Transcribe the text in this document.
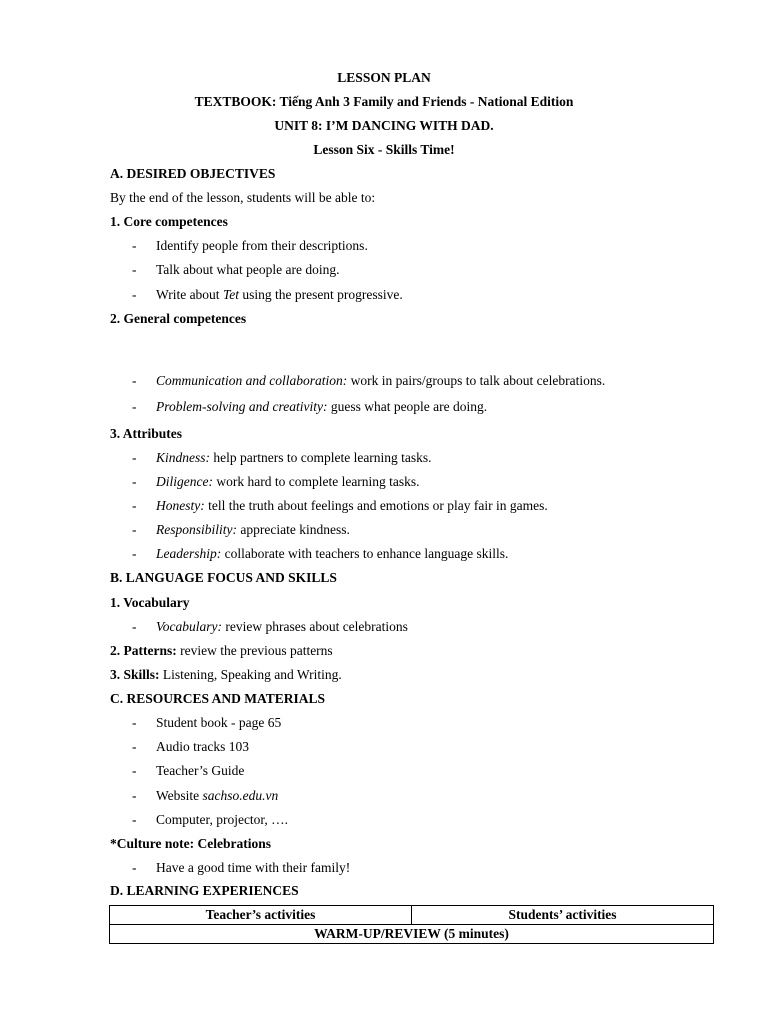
LESSON PLAN
TEXTBOOK: Tiếng Anh 3 Family and Friends - National Edition
UNIT 8: I’M DANCING WITH DAD.
Lesson Six - Skills Time!
A. DESIRED OBJECTIVES
By the end of the lesson, students will be able to:
1. Core competences
- Identify people from their descriptions.
- Talk about what people are doing.
- Write about Tet using the present progressive.
2. General competences
- Communication and collaboration: work in pairs/groups to talk about celebrations.
- Problem-solving and creativity: guess what people are doing.
3. Attributes
- Kindness: help partners to complete learning tasks.
- Diligence: work hard to complete learning tasks.
- Honesty: tell the truth about feelings and emotions or play fair in games.
- Responsibility: appreciate kindness.
- Leadership: collaborate with teachers to enhance language skills.
B. LANGUAGE FOCUS AND SKILLS
1. Vocabulary
- Vocabulary: review phrases about celebrations
2. Patterns: review the previous patterns
3. Skills: Listening, Speaking and Writing.
C. RESOURCES AND MATERIALS
- Student book - page 65
- Audio tracks 103
- Teacher’s Guide
- Website sachso.edu.vn
- Computer, projector, ….
*Culture note: Celebrations
- Have a good time with their family!
D. LEARNING EXPERIENCES
Teacher’s activities	Students’ activities
WARM-UP/REVIEW (5 minutes)
